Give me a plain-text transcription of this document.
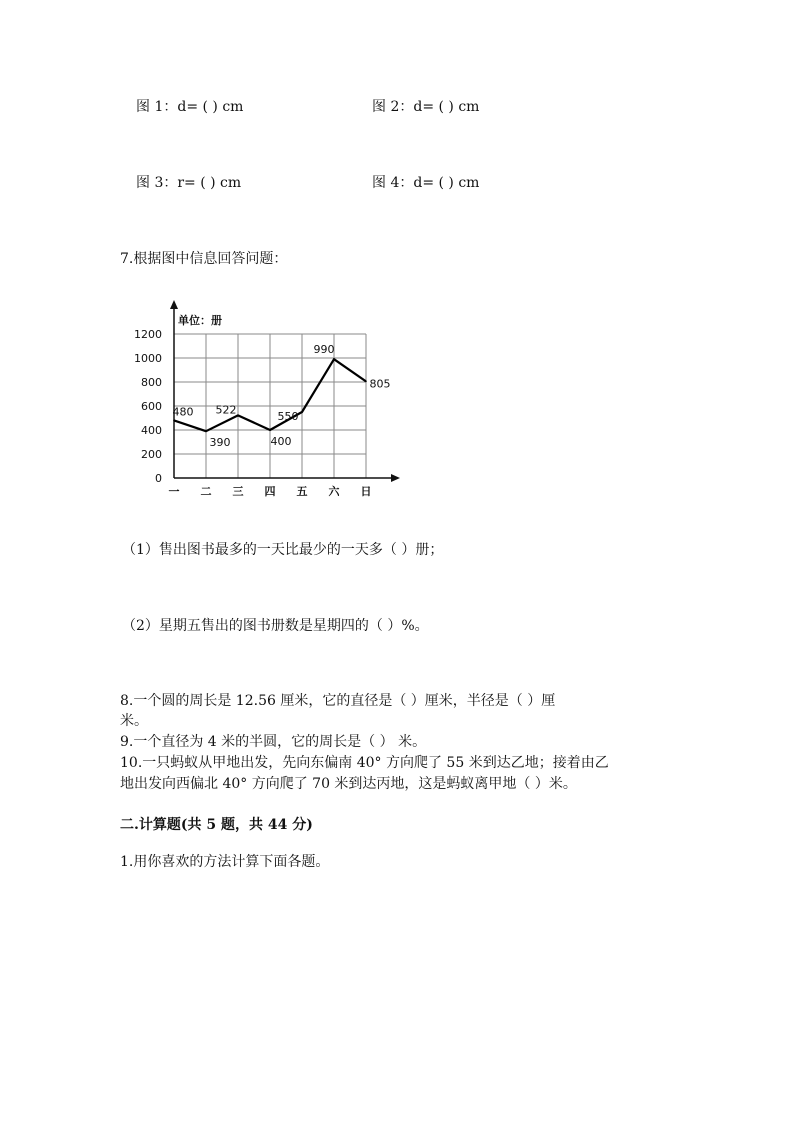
图 1：d= ( ) cm	图 2：d= ( ) cm
图 3：r= ( ) cm	图 4：d= ( ) cm
7.根据图中信息回答问题：
0
200
400
600
800
1000
1200
一 二 三 四 五 六 日
480
390
522
400
550
990
805
单位：册
（1）售出图书最多的一天比最少的一天多（ ）册；
（2）星期五售出的图书册数是星期四的（ ）%。
8.一个圆的周长是 12.56 厘米，它的直径是（ ）厘米，半径是（ ）厘
米。
9.一个直径为 4 米的半圆，它的周长是（ ） 米。
10.一只蚂蚁从甲地出发，先向东偏南 40° 方向爬了 55 米到达乙地；接着由乙
地出发向西偏北 40° 方向爬了 70 米到达丙地，这是蚂蚁离甲地（ ）米。
二.计算题(共 5 题，共 44 分)
1.用你喜欢的方法计算下面各题。
